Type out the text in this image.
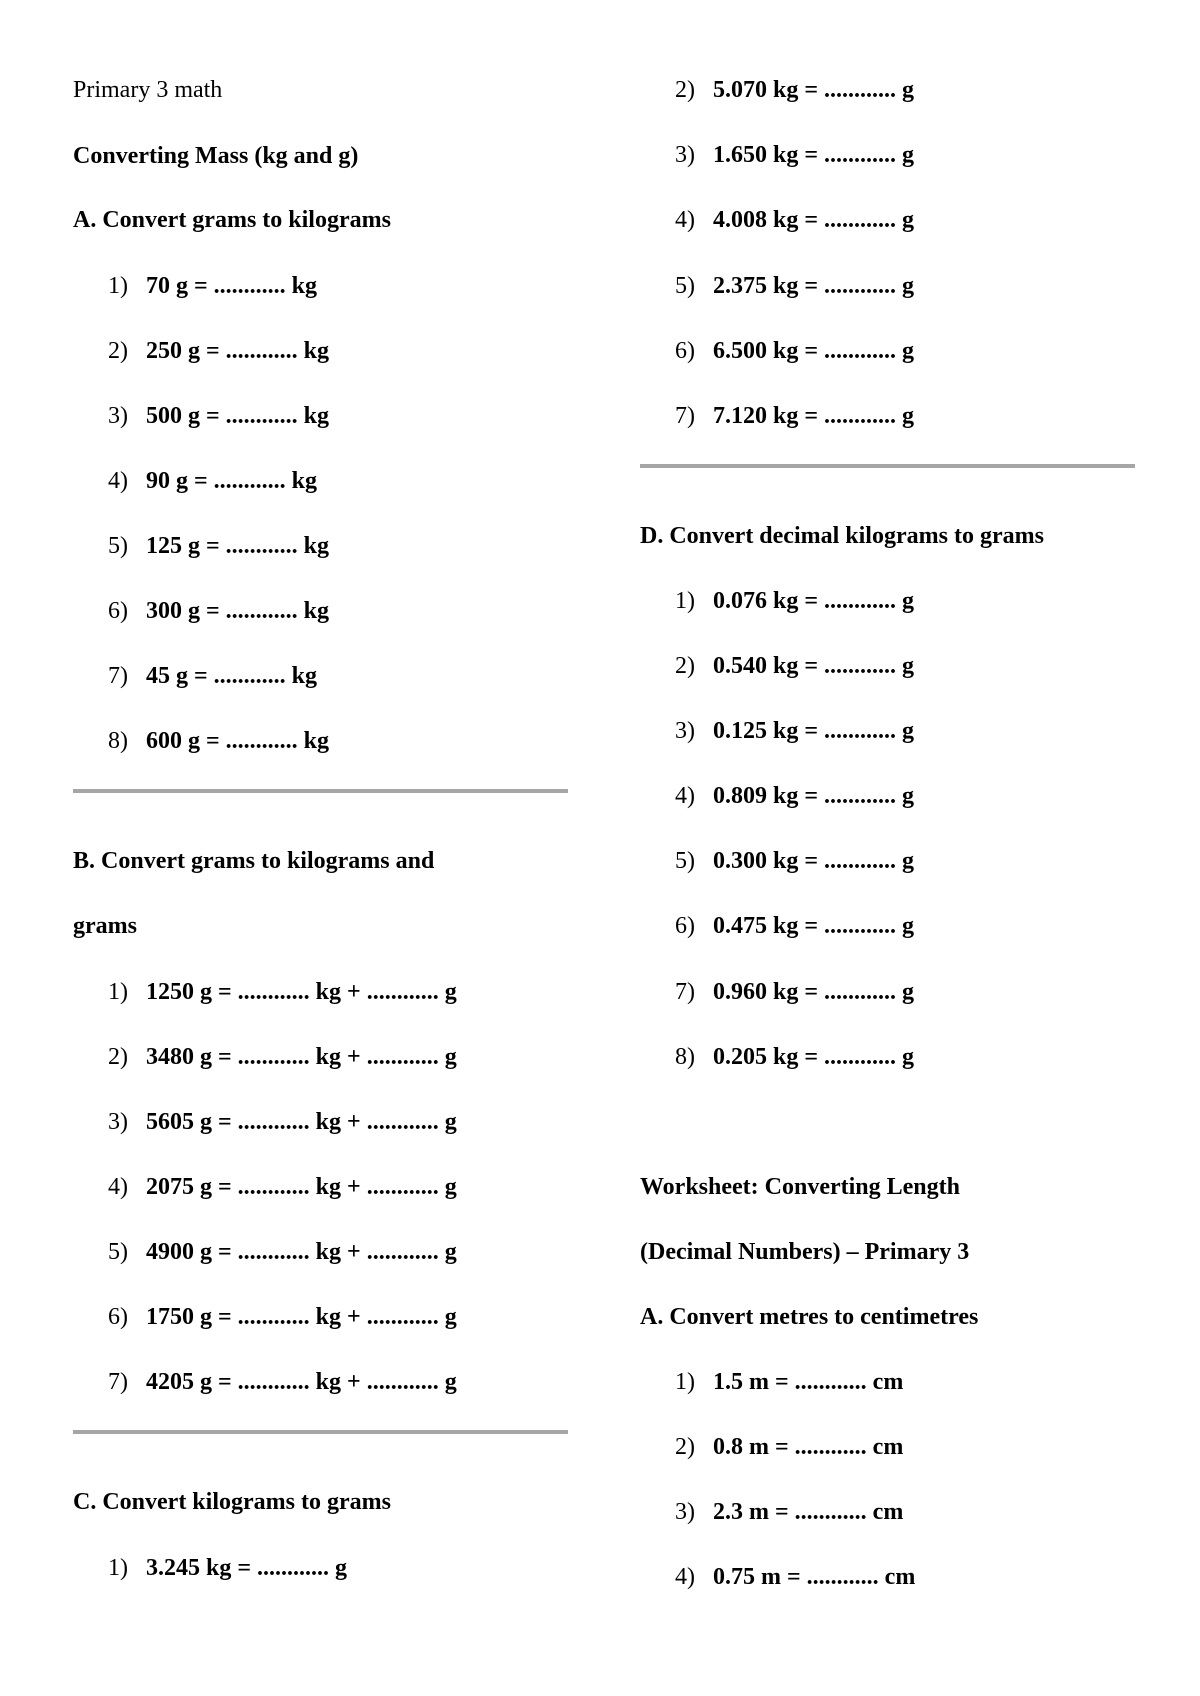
Primary 3 math
Converting Mass (kg and g)
A. Convert grams to kilograms
1) 70 g = ............ kg
2) 250 g = ............ kg
3) 500 g = ............ kg
4) 90 g = ............ kg
5) 125 g = ............ kg
6) 300 g = ............ kg
7) 45 g = ............ kg
8) 600 g = ............ kg
B. Convert grams to kilograms and
grams
1) 1250 g = ............ kg + ............ g
2) 3480 g = ............ kg + ............ g
3) 5605 g = ............ kg + ............ g
4) 2075 g = ............ kg + ............ g
5) 4900 g = ............ kg + ............ g
6) 1750 g = ............ kg + ............ g
7) 4205 g = ............ kg + ............ g
C. Convert kilograms to grams
1) 3.245 kg = ............ g
2) 5.070 kg = ............ g
3) 1.650 kg = ............ g
4) 4.008 kg = ............ g
5) 2.375 kg = ............ g
6) 6.500 kg = ............ g
7) 7.120 kg = ............ g
D. Convert decimal kilograms to grams
1) 0.076 kg = ............ g
2) 0.540 kg = ............ g
3) 0.125 kg = ............ g
4) 0.809 kg = ............ g
5) 0.300 kg = ............ g
6) 0.475 kg = ............ g
7) 0.960 kg = ............ g
8) 0.205 kg = ............ g
Worksheet: Converting Length
(Decimal Numbers) – Primary 3
A. Convert metres to centimetres
1) 1.5 m = ............ cm
2) 0.8 m = ............ cm
3) 2.3 m = ............ cm
4) 0.75 m = ............ cm
